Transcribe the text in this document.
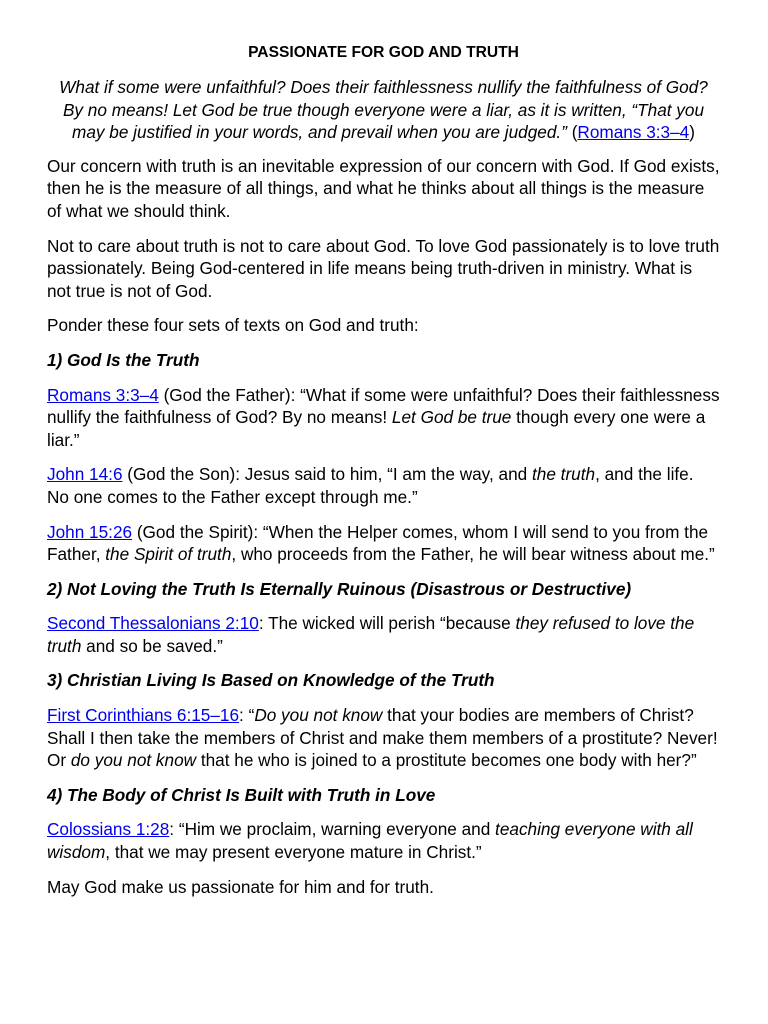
PASSIONATE FOR GOD AND TRUTH
What if some were unfaithful? Does their faithlessness nullify the faithfulness of God? By no means! Let God be true though everyone were a liar, as it is written, “That you may be justified in your words, and prevail when you are judged.” (Romans 3:3–4)

Our concern with truth is an inevitable expression of our concern with God. If God exists, then he is the measure of all things, and what he thinks about all things is the measure of what we should think.

Not to care about truth is not to care about God. To love God passionately is to love truth passionately. Being God-centered in life means being truth-driven in ministry. What is not true is not of God.

Ponder these four sets of texts on God and truth:

1) God Is the Truth

Romans 3:3–4 (God the Father): “What if some were unfaithful? Does their faithlessness nullify the faithfulness of God? By no means! Let God be true though every one were a liar.”

John 14:6 (God the Son): Jesus said to him, “I am the way, and the truth, and the life. No one comes to the Father except through me.”

John 15:26 (God the Spirit): “When the Helper comes, whom I will send to you from the Father, the Spirit of truth, who proceeds from the Father, he will bear witness about me.”

2) Not Loving the Truth Is Eternally Ruinous (Disastrous or Destructive)

Second Thessalonians 2:10: The wicked will perish “because they refused to love the truth and so be saved.”

3) Christian Living Is Based on Knowledge of the Truth

First Corinthians 6:15–16: “Do you not know that your bodies are members of Christ? Shall I then take the members of Christ and make them members of a prostitute? Never! Or do you not know that he who is joined to a prostitute becomes one body with her?”

4) The Body of Christ Is Built with Truth in Love

Colossians 1:28: “Him we proclaim, warning everyone and teaching everyone with all wisdom, that we may present everyone mature in Christ.”

May God make us passionate for him and for truth.
